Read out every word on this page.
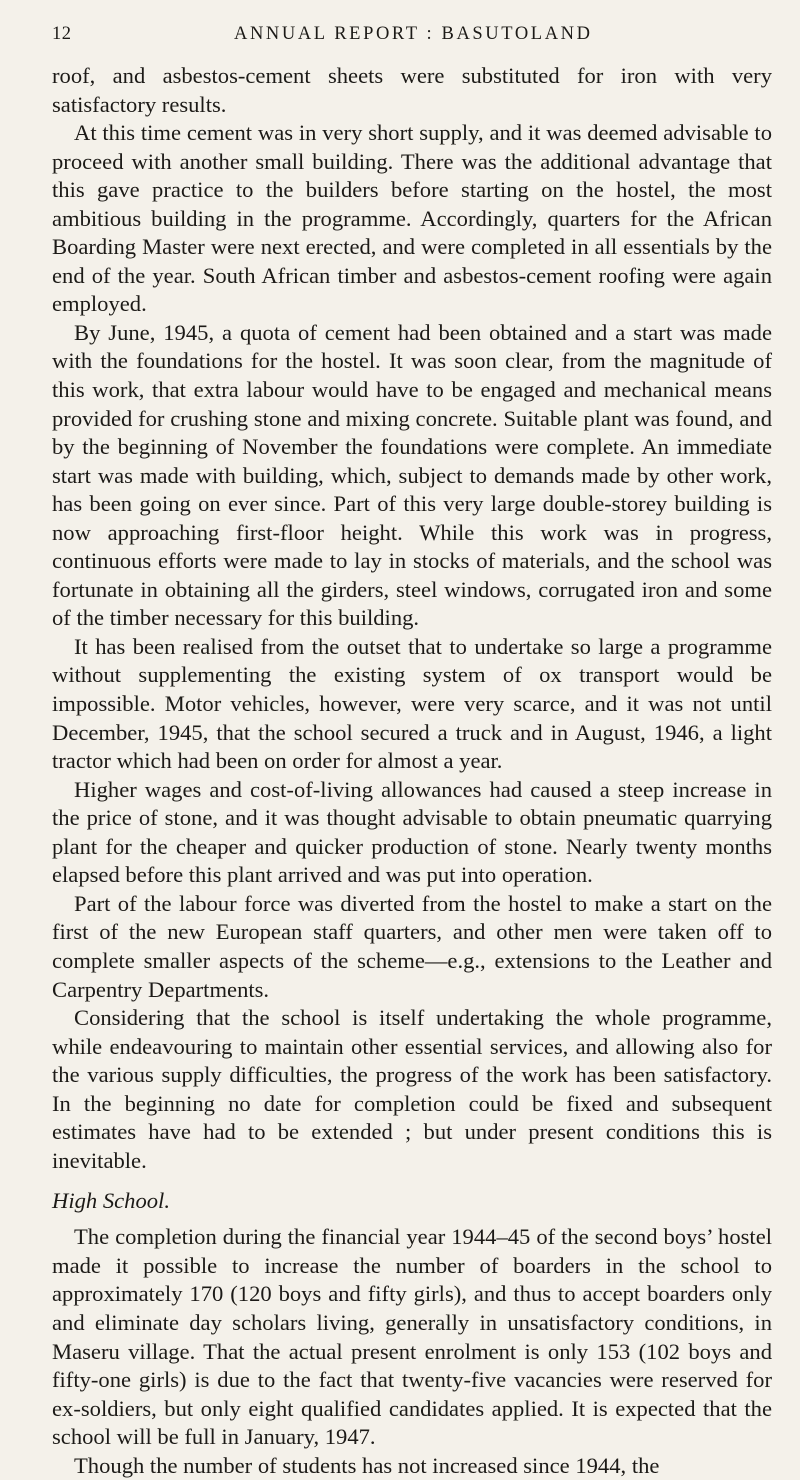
12	ANNUAL REPORT : BASUTOLAND

roof, and asbestos-cement sheets were substituted for iron with very satisfactory results.

At this time cement was in very short supply, and it was deemed advisable to proceed with another small building. There was the additional advantage that this gave practice to the builders before starting on the hostel, the most ambitious building in the programme. Accordingly, quarters for the African Boarding Master were next erected, and were completed in all essentials by the end of the year. South African timber and asbestos-cement roofing were again employed.

By June, 1945, a quota of cement had been obtained and a start was made with the foundations for the hostel. It was soon clear, from the magnitude of this work, that extra labour would have to be engaged and mechanical means provided for crushing stone and mixing concrete. Suitable plant was found, and by the beginning of November the foundations were complete. An immediate start was made with building, which, subject to demands made by other work, has been going on ever since. Part of this very large double-storey building is now approaching first-floor height. While this work was in progress, continuous efforts were made to lay in stocks of materials, and the school was fortunate in obtaining all the girders, steel windows, corrugated iron and some of the timber necessary for this building.

It has been realised from the outset that to undertake so large a programme without supplementing the existing system of ox transport would be impossible. Motor vehicles, however, were very scarce, and it was not until December, 1945, that the school secured a truck and in August, 1946, a light tractor which had been on order for almost a year.

Higher wages and cost-of-living allowances had caused a steep increase in the price of stone, and it was thought advisable to obtain pneumatic quarrying plant for the cheaper and quicker production of stone. Nearly twenty months elapsed before this plant arrived and was put into operation.

Part of the labour force was diverted from the hostel to make a start on the first of the new European staff quarters, and other men were taken off to complete smaller aspects of the scheme—e.g., extensions to the Leather and Carpentry Departments.

Considering that the school is itself undertaking the whole programme, while endeavouring to maintain other essential services, and allowing also for the various supply difficulties, the progress of the work has been satisfactory. In the beginning no date for completion could be fixed and subsequent estimates have had to be extended ; but under present conditions this is inevitable.

High School.

The completion during the financial year 1944–45 of the second boys’ hostel made it possible to increase the number of boarders in the school to approximately 170 (120 boys and fifty girls), and thus to accept boarders only and eliminate day scholars living, generally in unsatisfactory conditions, in Maseru village. That the actual present enrolment is only 153 (102 boys and fifty-one girls) is due to the fact that twenty-five vacancies were reserved for ex-soldiers, but only eight qualified candidates applied. It is expected that the school will be full in January, 1947.

Though the number of students has not increased since 1944, the
